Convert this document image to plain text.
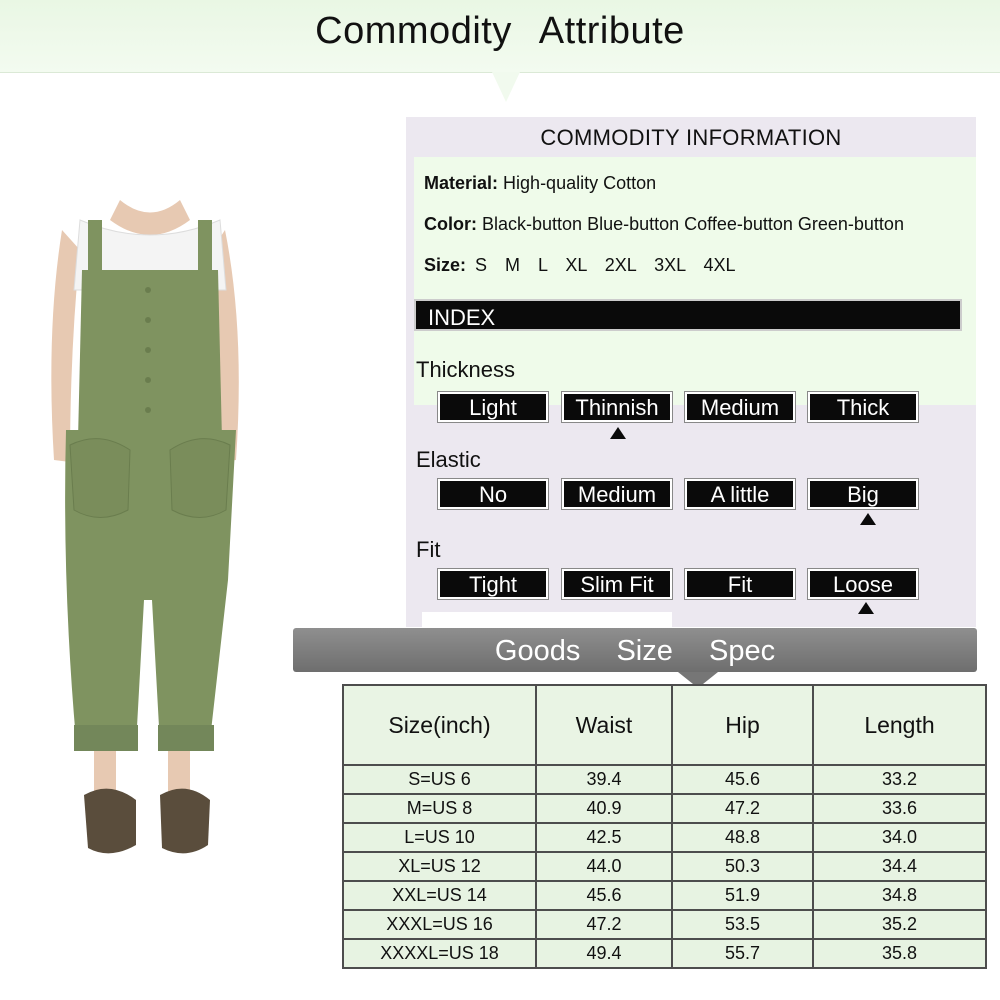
Commodity Attribute
COMMODITY INFORMATION
Material: High-quality Cotton
Color: Black-button Blue-button Coffee-button Green-button
Size: S  M  L  XL  2XL  3XL  4XL
INDEX
Thickness
Light	Thinnish	Medium	Thick
Elastic
No	Medium	A little	Big
Fit
Tight	Slim Fit	Fit	Loose
Goods  Size  Spec
Size(inch)	Waist	Hip	Length
S=US 6	39.4	45.6	33.2
M=US 8	40.9	47.2	33.6
L=US 10	42.5	48.8	34.0
XL=US 12	44.0	50.3	34.4
XXL=US 14	45.6	51.9	34.8
XXXL=US 16	47.2	53.5	35.2
XXXXL=US 18	49.4	55.7	35.8
